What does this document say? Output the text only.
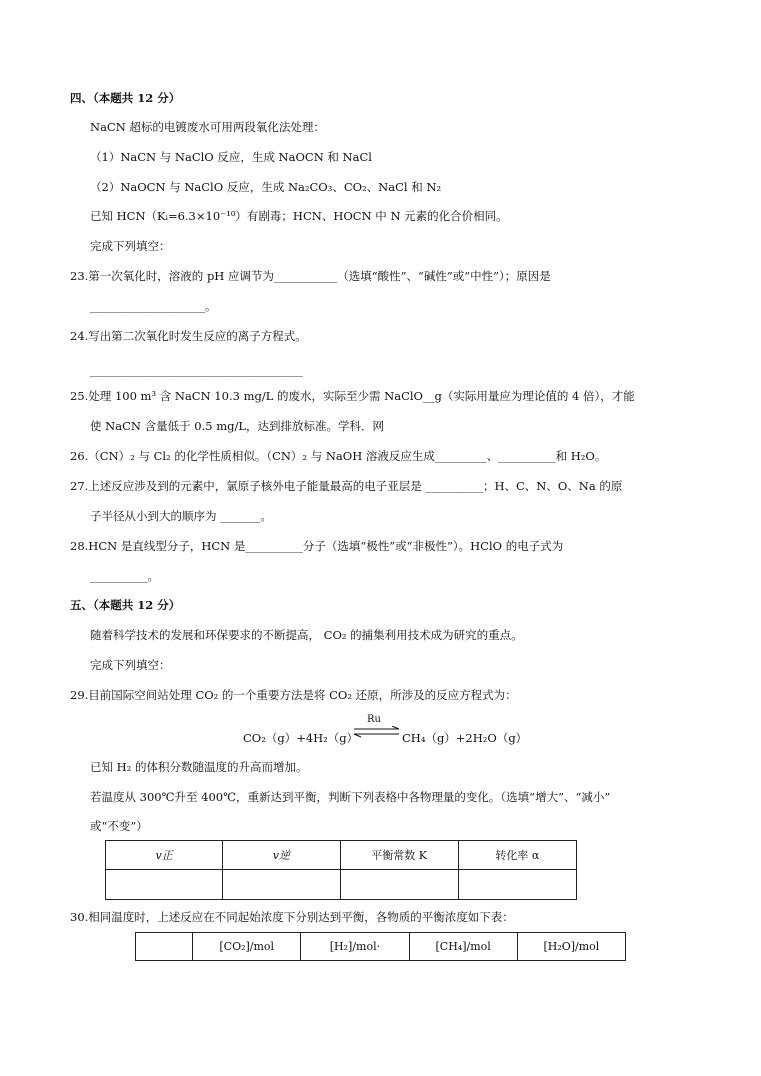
四、（本题共 12 分）
NaCN 超标的电镀废水可用两段氧化法处理：
（1）NaCN 与 NaClO 反应，生成 NaOCN 和 NaCl
（2）NaOCN 与 NaClO 反应，生成 Na₂CO₃、CO₂、NaCl 和 N₂
已知 HCN（Kᵢ=6.3×10⁻¹⁰）有剧毒；HCN、HOCN 中 N 元素的化合价相同。
完成下列填空：
23.第一次氧化时，溶液的 pH 应调节为___________（选填“酸性”、“碱性”或“中性”）；原因是
____________________。
24.写出第二次氧化时发生反应的离子方程式。
_____________________________________
25.处理 100 m³ 含 NaCN 10.3 mg/L 的废水，实际至少需 NaClO__g（实际用量应为理论值的 4 倍），才能
使 NaCN 含量低于 0.5 mg/L，达到排放标准。学科．网
26.（CN）₂ 与 Cl₂ 的化学性质相似。（CN）₂ 与 NaOH 溶液反应生成_________、__________和 H₂O。
27.上述反应涉及到的元素中，氯原子核外电子能量最高的电子亚层是 __________；H、C、N、O、Na 的原
子半径从小到大的顺序为 _______。
28.HCN 是直线型分子，HCN 是__________分子（选填“极性”或“非极性”）。HClO 的电子式为
__________。
五、（本题共 12 分）
随着科学技术的发展和环保要求的不断提高， CO₂ 的捕集利用技术成为研究的重点。
完成下列填空：
29.目前国际空间站处理 CO₂ 的一个重要方法是将 CO₂ 还原，所涉及的反应方程式为：
CO₂（g）+4H₂（g）
Ru
CH₄（g）+2H₂O（g）
已知 H₂ 的体积分数随温度的升高而增加。
若温度从 300℃升至 400℃，重新达到平衡，判断下列表格中各物理量的变化。（选填“增大”、“减小”
或“不变”）
v正	v逆	平衡常数 K	转化率 α

30.相同温度时，上述反应在不同起始浓度下分别达到平衡，各物质的平衡浓度如下表：
	[CO₂]/mol	[H₂]/mol·	[CH₄]/mol	[H₂O]/mol
